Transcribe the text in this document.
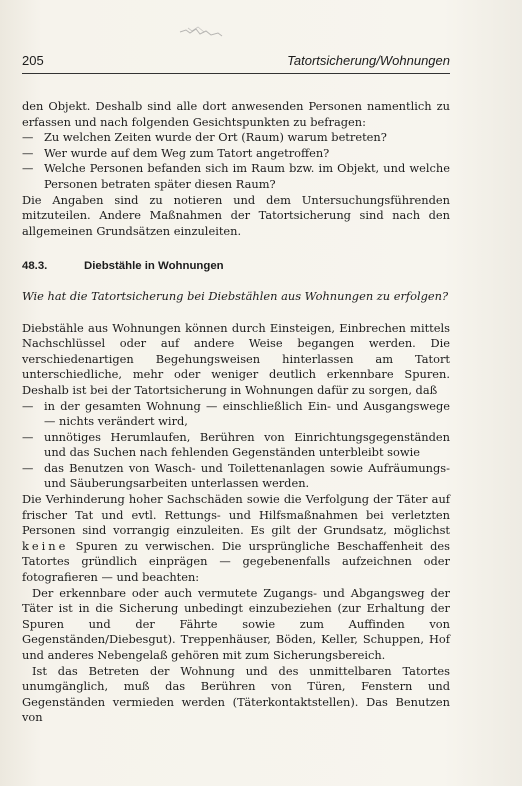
205	Tatortsicherung/Wohnungen

den Objekt. Deshalb sind alle dort anwesenden Personen namentlich zu erfassen und nach folgenden Gesichtspunkten zu befragen:

— Zu welchen Zeiten wurde der Ort (Raum) warum betreten?
— Wer wurde auf dem Weg zum Tatort angetroffen?
— Welche Personen befanden sich im Raum bzw. im Objekt, und welche Personen betraten später diesen Raum?

Die Angaben sind zu notieren und dem Untersuchungsführenden mitzuteilen. Andere Maßnahmen der Tatortsicherung sind nach den allgemeinen Grundsätzen einzuleiten.

48.3.	Diebstähle in Wohnungen

Wie hat die Tatortsicherung bei Diebstählen aus Wohnungen zu erfolgen?

Diebstähle aus Wohnungen können durch Einsteigen, Einbrechen mittels Nachschlüssel oder auf andere Weise begangen werden. Die verschiedenartigen Begehungsweisen hinterlassen am Tatort unterschiedliche, mehr oder weniger deutlich erkennbare Spuren. Deshalb ist bei der Tatortsicherung in Wohnungen dafür zu sorgen, daß

— in der gesamten Wohnung — einschließlich Ein- und Ausgangswege — nichts verändert wird,
— unnötiges Herumlaufen, Berühren von Einrichtungsgegenständen und das Suchen nach fehlenden Gegenständen unterbleibt sowie
— das Benutzen von Wasch- und Toilettenanlagen sowie Aufräumungs- und Säuberungsarbeiten unterlassen werden.

Die Verhinderung hoher Sachschäden sowie die Verfolgung der Täter auf frischer Tat und evtl. Rettungs- und Hilfsmaßnahmen bei verletzten Personen sind vorrangig einzuleiten. Es gilt der Grundsatz, möglichst keine Spuren zu verwischen. Die ursprüngliche Beschaffenheit des Tatortes gründlich einprägen — gegebenenfalls aufzeichnen oder fotografieren — und beachten:

Der erkennbare oder auch vermutete Zugangs- und Abgangsweg der Täter ist in die Sicherung unbedingt einzubeziehen (zur Erhaltung der Spuren und der Fährte sowie zum Auffinden von Gegenständen/Diebesgut). Treppenhäuser, Böden, Keller, Schuppen, Hof und anderes Nebengelaß gehören mit zum Sicherungsbereich.

Ist das Betreten der Wohnung und des unmittelbaren Tatortes unumgänglich, muß das Berühren von Türen, Fenstern und Gegenständen vermieden werden (Täterkontaktstellen). Das Benutzen von
